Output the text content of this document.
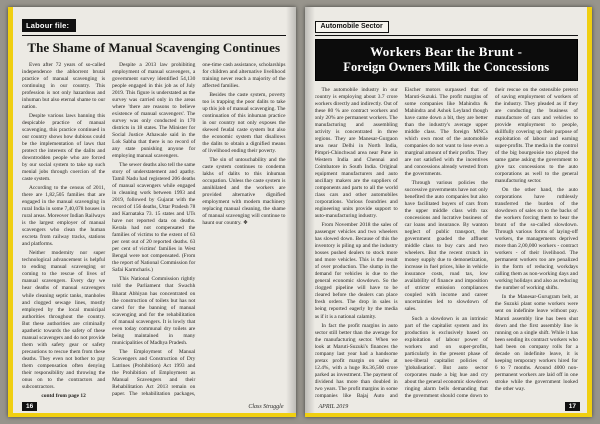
Labour file:
The Shame of Manual Scavenging Continues

Even after 72 years of so-called independence the abhorrent brutal practice of manual scavenging is continuing in our country. This profession is not only hazardous and inhuman but also eternal shame to our nation.

Despite various laws banning this despicable practice of manual scavenging, this practice continued in our country shows how dubious could be the implementation of laws that protect the interests of the dalits and downtrodden people who are forced by our social system to take up such menial jobs through coercion of the caste system.

According to the census of 2011, there are 1,82,505 families that are engaged in the manual scavenging in rural India in some 7,40,078 houses in rural areas. Moreover Indian Railways is the largest employer of manual scavengers who clean the human excreta from railway tracks, stations and platforms.

Neither modernity nor super technological advancement is helpful to ending manual scavenging or coming to the rescue of lives of manual scavengers. Every day we hear deaths of manual scavengers while cleaning septic tanks, manholes and clogged sewage lines, mostly employed by the local municipal authorities throughout the country. But these authorities are criminally apathetic towards the safety of these manual scavengers and do not provide them with safety gear or safety precautions to rescue them from these deaths. They even not bother to pay them compensation often denying their responsibility and throwing the onus on to the contractors and subcontractors.

contd from page 12

Despite a 2013 law prohibiting employment of manual scavengers, a government survey identified 54,130 people engaged in this job as of July 2019. This figure is understated as the survey was carried only in the areas where 'there are reasons to believe existence of manual scavengers'. The survey was only conducted in 170 districts in 18 states. The Minister for Social Justice Athawale said in the Lok Sabha that there is no record of any state punishing anyone for employing manual scavengers.

The sewer deaths also tell the same story of understatement and apathy. Tamil Nadu had registered 206 deaths of manual scavengers while engaged in cleaning work between 1993 and 2019, followed by Gujarat with the record of 156 deaths, Uttar Pradesh 78 and Karnataka 73. 15 states and UTs have not reported data on deaths. Kerala had not compensated the families of victims to the extent of 63 per cent out of 20 reported deaths. 63 per cent of victims' families in West Bengal were not compensated. (From the report of National Commission for Safai Karmcharis.)

This National Commission rightly told the Parliament that Swachh Bharat Abhiyan has concentrated on the construction of toilets but has not cared for the banning of manual scavenging and for the rehabilitation of manual scavengers. It is lowly that even today communal dry toilets are being maintained in many municipalities of Madhya Pradesh.

The Employment of Manual Scavengers and Construction of Dry Latrines (Prohibition) Act 1993 and the Prohibition of Employment as Manual Scavengers and their Rehabilitation Act 2013 remain on paper. The rehabilitation packages, one-time cash assistance, scholarships for children and alternative livelihood training never reach a majority of the affected families.

Besides the caste system, poverty too is trapping the poor dalits to take up this job of manual scavenging. The continuation of this inhuman practice in our country not only exposes the skewed feudal caste system but also the economic system that disallows the dalits to obtain a dignified means of livelihood ending their poverty.

The sin of untouchability and the caste system continues to condemn lakhs of dalits to this inhuman occupation. Unless the caste system is annihilated and the workers are provided alternative dignified employment with modern machinery replacing manual cleaning, the shame of manual scavenging will continue to haunt our country. ❖

16	Class Struggle
Automobile Sector
Workers Bear the Brunt -
Foreign Owners Milk the Concessions

The automobile industry in our country is employing about 3.7 crore workers directly and indirectly. Out of these 80 % are contract workers and only 20% are permanent workers. The manufacturing and assembling activity is concentrated in three regions. They are Manesar-Gurgaon area near Delhi in North India, Pimpri-Chinchwad area near Pune in Western India and Chennai and Coimbatore in South India. Original equipment manufacturers and auto ancillary makers are the suppliers of components and parts to all the world class cars and other automobiles corporations. Various foundries and engineering units provide support to auto-manufacturing industry.

From November 2018 the sales of passenger vehicles and two wheelers has slowed down. Because of this the inventory is piling up and the industry bosses pushed dealers to stock more and more vehicles. This is the result of over production. The slump in the demand for vehicles is due to the general economic slowdown. So the clogged pipeline will have to be cleared before the dealers can place fresh orders. The drop in sales is being reported eagerly by the media as if it is a national calamity.

In fact the profit margins in auto sector still better than the average for the manufacturing sector. When we look at Maruti-Suzuki's finances the company last year had a handsome pretax profit margin on sales at 12.4%, with a huge Rs.36,500 crore parked as investment. The payment of dividend has more than doubled in two years. The profit margins in some companies like Bajaj Auto and Eischer motors surpassed that of Maruti-Suzuki. The profit margins of some companies like Mahindra & Mahindra and Ashok Leyland though have came down a bit, they are better than the industry's average upper middle class. The foreign MNCs which own most of the automobile companies do not want to lose even a marginal amount of their profits. They are not satisfied with the incentives and concessions already wrested from the governments.

Through various policies the successive governments have not only benefited the auto companies but also have facilitated buyers of cars from the upper middle class with tax concessions and lucrative business of car loans and insurance. By wanton neglect of public transport, the government goaded the affluent middle class to buy cars and two wheelers. But the recent crunch in money supply due to demonetization, increase in fuel prices, hike in vehicle insurance costs, road tax, low availability of finance and imposition of stricter emission compliances coupled with income and career uncertainties led to slowdown of sales.

Such a slowdown is an intrinsic part of the capitalist system and its production is exclusively based on exploitation of labour power of workers and on super-profits, particularly in the present phase of neo-liberal capitalist policies of 'globalisation'. But auto sector corporates made a big hue and cry about the general economic slowdown ringing alarm bells demanding that the government should come down to their rescue on the ostensible pretext of saving employment of workers of the industry. They pleaded as if they are conducting the business of manufacture of cars and vehicles to provide employment to people, skillfully covering up their purpose of exploitation of labour and earning super-profits. The media in the control of the big bourgeoisie too played the same game asking the government to give tax concessions to the auto corporations as well to the general manufacturing sector.

On the other hand, the auto corporations have ruthlessly transferred the burden of the slowdown of sales on to the backs of the workers forcing them to bear the brunt of the so-called slowdown. Through various forms of laying-off workers, the managements deprived more than 2,00,000 workers - contract workers - of their livelihood. The permanent workers too are penalized in the form of reducing workdays calling them as non-working days and working holidays and also as reducing the number of working shifts.

In the Manesar-Gurugram belt, at the Suzuki plant some workers were sent on indefinite leave without pay. Maruti assembly line has been shut down and the first assembly line is running on a single shift. While it has been sending its contract workers who had been on company rolls for a decade on indefinite leave, it is keeping temporary workers hired for 6 to 7 months. Around 4000 non-permanent workers are laid off in one stroke while the government looked the other way.

APRIL 2019	17
